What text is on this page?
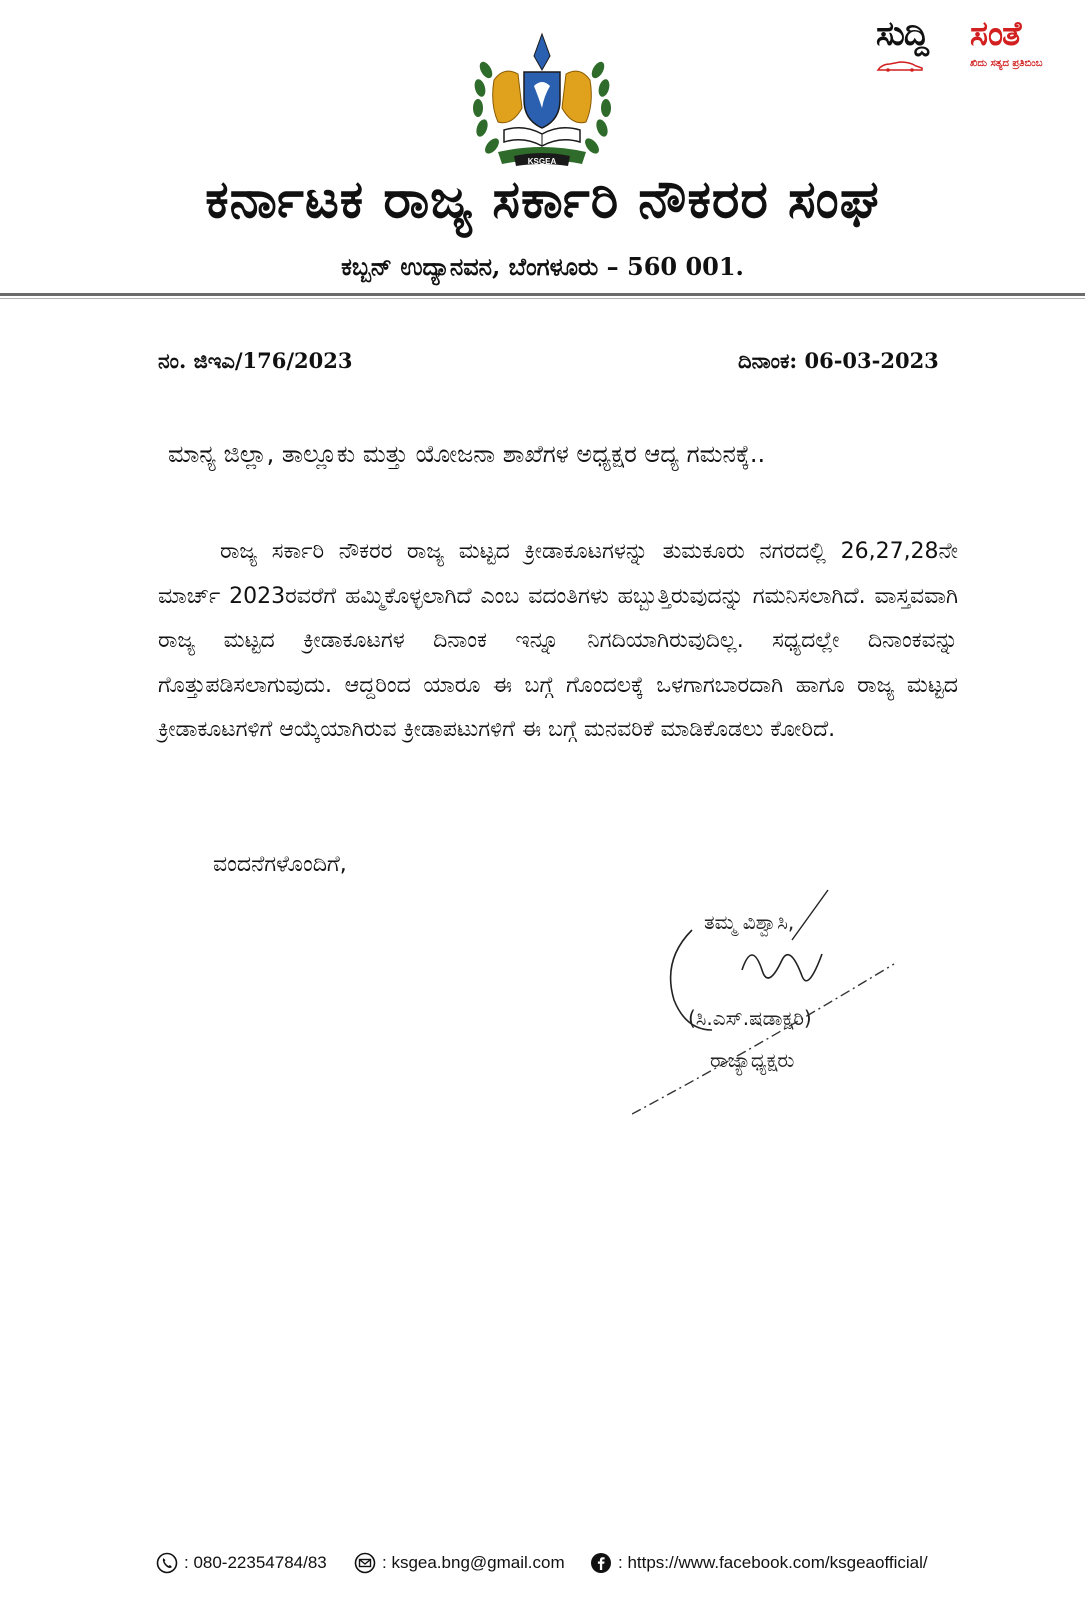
ಸುದ್ದಿ ಸಂತೆ
ಖಿದು ಸತ್ಯದ ಪ್ರತಿಬಿಂಬ
KSGEA
ಕರ್ನಾಟಕ ರಾಜ್ಯ ಸರ್ಕಾರಿ ನೌಕರರ ಸಂಘ
ಕಬ್ಬನ್ ಉದ್ಯಾನವನ, ಬೆಂಗಳೂರು – 560 001.
ನಂ. ಜಿಇಎ/176/2023	ದಿನಾಂಕ: 06-03-2023
ಮಾನ್ಯ ಜಿಲ್ಲಾ, ತಾಲ್ಲೂಕು ಮತ್ತು ಯೋಜನಾ ಶಾಖೆಗಳ ಅಧ್ಯಕ್ಷರ ಆದ್ಯ ಗಮನಕ್ಕೆ..

ರಾಜ್ಯ ಸರ್ಕಾರಿ ನೌಕರರ ರಾಜ್ಯ ಮಟ್ಟದ ಕ್ರೀಡಾಕೂಟಗಳನ್ನು ತುಮಕೂರು ನಗರದಲ್ಲಿ 26,27,28ನೇ ಮಾರ್ಚ್ 2023ರವರೆಗೆ ಹಮ್ಮಿಕೊಳ್ಳಲಾಗಿದೆ ಎಂಬ ವದಂತಿಗಳು ಹಬ್ಬುತ್ತಿರುವುದನ್ನು ಗಮನಿಸಲಾಗಿದೆ. ವಾಸ್ತವವಾಗಿ ರಾಜ್ಯ ಮಟ್ಟದ ಕ್ರೀಡಾಕೂಟಗಳ ದಿನಾಂಕ ಇನ್ನೂ ನಿಗದಿಯಾಗಿರುವುದಿಲ್ಲ. ಸಧ್ಯದಲ್ಲೇ ದಿನಾಂಕವನ್ನು ಗೊತ್ತುಪಡಿಸಲಾಗುವುದು. ಆದ್ದರಿಂದ ಯಾರೂ ಈ ಬಗ್ಗೆ ಗೊಂದಲಕ್ಕೆ ಒಳಗಾಗಬಾರದಾಗಿ ಹಾಗೂ ರಾಜ್ಯ ಮಟ್ಟದ ಕ್ರೀಡಾಕೂಟಗಳಿಗೆ ಆಯ್ಕೆಯಾಗಿರುವ ಕ್ರೀಡಾಪಟುಗಳಿಗೆ ಈ ಬಗ್ಗೆ ಮನವರಿಕೆ ಮಾಡಿಕೊಡಲು ಕೋರಿದೆ.

ವಂದನೆಗಳೊಂದಿಗೆ,
ತಮ್ಮ ವಿಶ್ವಾಸಿ,
(ಸಿ.ಎಸ್.ಷಡಾಕ್ಷರಿ)
ರಾಜ್ಯಾಧ್ಯಕ್ಷರು
: 080-22354784/83	: ksgea.bng@gmail.com	: https://www.facebook.com/ksgeaofficial/
